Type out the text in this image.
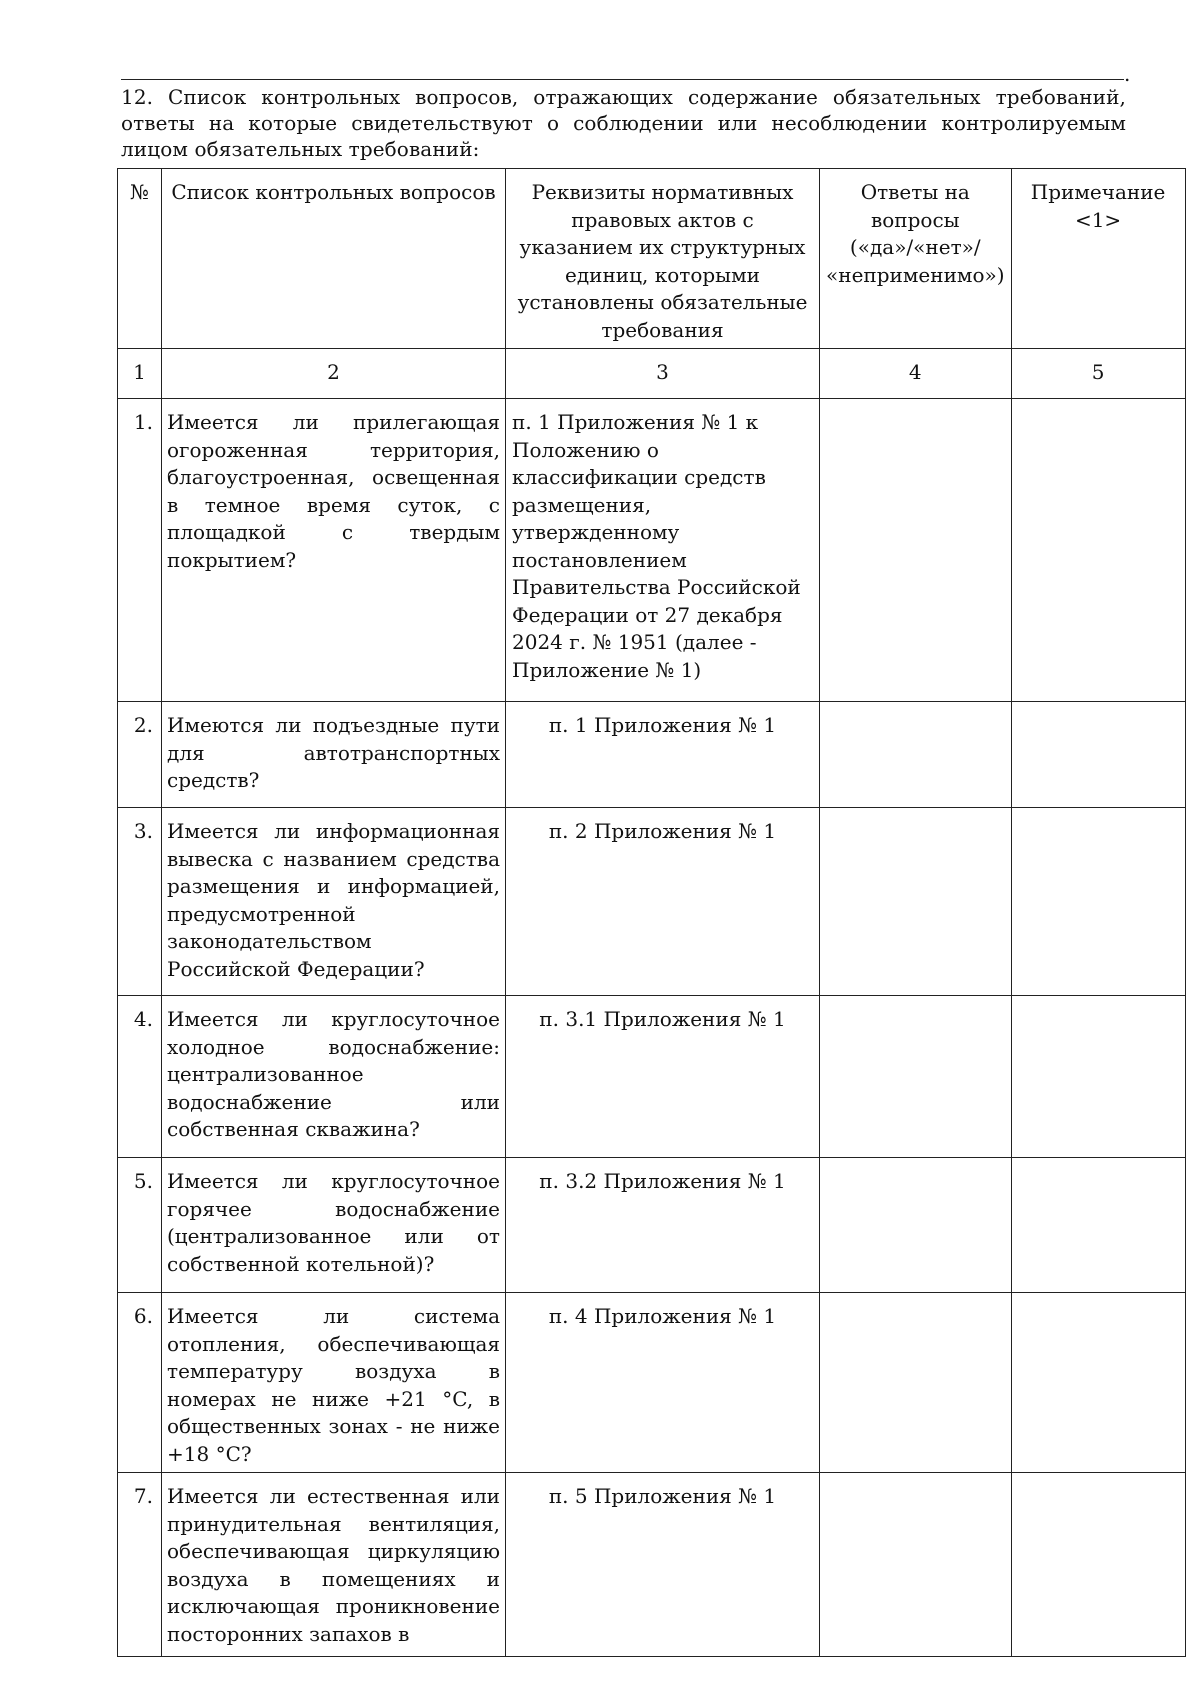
.
12. Список контрольных вопросов, отражающих содержание обязательных требований, ответы на которые свидетельствуют о соблюдении или несоблюдении контролируемым лицом обязательных требований:
№	Список контрольных вопросов	Реквизиты нормативных правовых актов с указанием их структурных единиц, которыми установлены обязательные требования	Ответы на вопросы («да»/«нет»/ «неприменимо»)	Примечание <1>
1	2	3	4	5
1.	Имеется ли прилегающая огороженная территория, благоустроенная, освещенная в темное время суток, с площадкой с твердым покрытием?	п. 1 Приложения № 1 к Положению о классификации средств размещения, утвержденному постановлением Правительства Российской Федерации от 27 декабря 2024 г. № 1951 (далее - Приложение № 1)		
2.	Имеются ли подъездные пути для автотранспортных средств?	п. 1 Приложения № 1		
3.	Имеется ли информационная вывеска с названием средства размещения и информацией, предусмотренной законодательством Российской Федерации?	п. 2 Приложения № 1		
4.	Имеется ли круглосуточное холодное водоснабжение: централизованное водоснабжение или собственная скважина?	п. 3.1 Приложения № 1		
5.	Имеется ли круглосуточное горячее водоснабжение (централизованное или от собственной котельной)?	п. 3.2 Приложения № 1		
6.	Имеется ли система отопления, обеспечивающая температуру воздуха в номерах не ниже +21 °C, в общественных зонах - не ниже +18 °C?	п. 4 Приложения № 1		
7.	Имеется ли естественная или принудительная вентиляция, обеспечивающая циркуляцию воздуха в помещениях и исключающая проникновение посторонних запахов в	п. 5 Приложения № 1		
